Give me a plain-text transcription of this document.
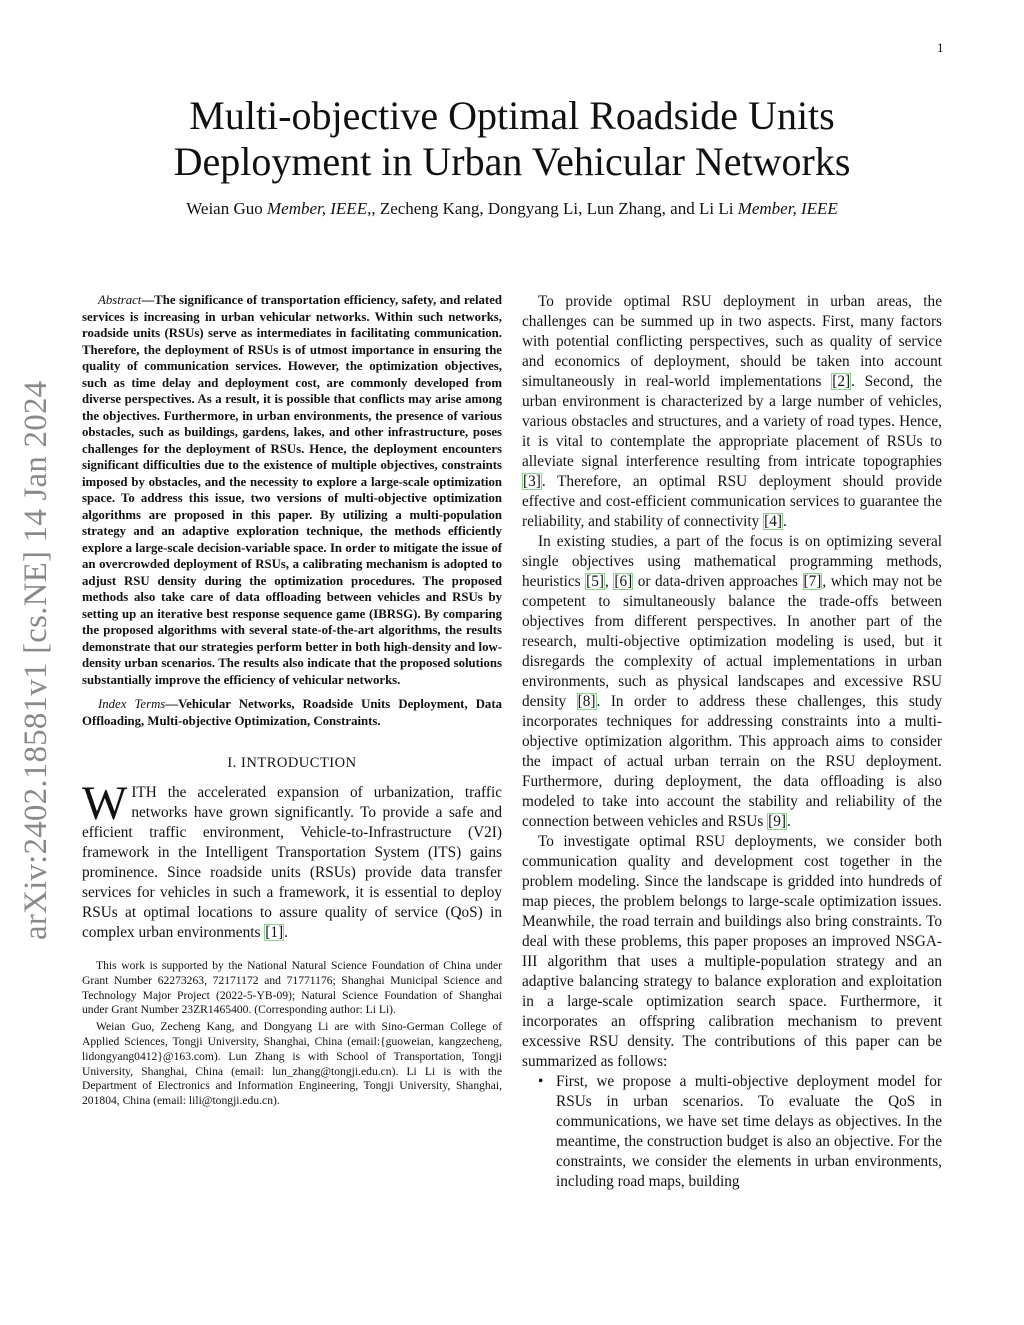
1
arXiv:2402.18581v1 [cs.NE] 14 Jan 2024
Multi-objective Optimal Roadside Units
Deployment in Urban Vehicular Networks
Weian Guo Member, IEEE,, Zecheng Kang, Dongyang Li, Lun Zhang, and Li Li Member, IEEE

Abstract—The significance of transportation efficiency, safety, and related services is increasing in urban vehicular networks. Within such networks, roadside units (RSUs) serve as intermediates in facilitating communication. Therefore, the deployment of RSUs is of utmost importance in ensuring the quality of communication services. However, the optimization objectives, such as time delay and deployment cost, are commonly developed from diverse perspectives. As a result, it is possible that conflicts may arise among the objectives. Furthermore, in urban environments, the presence of various obstacles, such as buildings, gardens, lakes, and other infrastructure, poses challenges for the deployment of RSUs. Hence, the deployment encounters significant difficulties due to the existence of multiple objectives, constraints imposed by obstacles, and the necessity to explore a large-scale optimization space. To address this issue, two versions of multi-objective optimization algorithms are proposed in this paper. By utilizing a multi-population strategy and an adaptive exploration technique, the methods efficiently explore a large-scale decision-variable space. In order to mitigate the issue of an overcrowded deployment of RSUs, a calibrating mechanism is adopted to adjust RSU density during the optimization procedures. The proposed methods also take care of data offloading between vehicles and RSUs by setting up an iterative best response sequence game (IBRSG). By comparing the proposed algorithms with several state-of-the-art algorithms, the results demonstrate that our strategies perform better in both high-density and low-density urban scenarios. The results also indicate that the proposed solutions substantially improve the efficiency of vehicular networks.

Index Terms—Vehicular Networks, Roadside Units Deployment, Data Offloading, Multi-objective Optimization, Constraints.

I. INTRODUCTION

WITH the accelerated expansion of urbanization, traffic networks have grown significantly. To provide a safe and efficient traffic environment, Vehicle-to-Infrastructure (V2I) framework in the Intelligent Transportation System (ITS) gains prominence. Since roadside units (RSUs) provide data transfer services for vehicles in such a framework, it is essential to deploy RSUs at optimal locations to assure quality of service (QoS) in complex urban environments [1].

This work is supported by the National Natural Science Foundation of China under Grant Number 62273263, 72171172 and 71771176; Shanghai Municipal Science and Technology Major Project (2022-5-YB-09); Natural Science Foundation of Shanghai under Grant Number 23ZR1465400. (Corresponding author: Li Li).

Weian Guo, Zecheng Kang, and Dongyang Li are with Sino-German College of Applied Sciences, Tongji University, Shanghai, China (email:{guoweian, kangzecheng, lidongyang0412}@163.com). Lun Zhang is with School of Transportation, Tongji University, Shanghai, China (email: lun_zhang@tongji.edu.cn). Li Li is with the Department of Electronics and Information Engineering, Tongji University, Shanghai, 201804, China (email: lili@tongji.edu.cn).

To provide optimal RSU deployment in urban areas, the challenges can be summed up in two aspects. First, many factors with potential conflicting perspectives, such as quality of service and economics of deployment, should be taken into account simultaneously in real-world implementations [2]. Second, the urban environment is characterized by a large number of vehicles, various obstacles and structures, and a variety of road types. Hence, it is vital to contemplate the appropriate placement of RSUs to alleviate signal interference resulting from intricate topographies [3]. Therefore, an optimal RSU deployment should provide effective and cost-efficient communication services to guarantee the reliability, and stability of connectivity [4].

In existing studies, a part of the focus is on optimizing several single objectives using mathematical programming methods, heuristics [5], [6] or data-driven approaches [7], which may not be competent to simultaneously balance the trade-offs between objectives from different perspectives. In another part of the research, multi-objective optimization modeling is used, but it disregards the complexity of actual implementations in urban environments, such as physical landscapes and excessive RSU density [8]. In order to address these challenges, this study incorporates techniques for addressing constraints into a multi-objective optimization algorithm. This approach aims to consider the impact of actual urban terrain on the RSU deployment. Furthermore, during deployment, the data offloading is also modeled to take into account the stability and reliability of the connection between vehicles and RSUs [9].

To investigate optimal RSU deployments, we consider both communication quality and development cost together in the problem modeling. Since the landscape is gridded into hundreds of map pieces, the problem belongs to large-scale optimization issues. Meanwhile, the road terrain and buildings also bring constraints. To deal with these problems, this paper proposes an improved NSGA-III algorithm that uses a multiple-population strategy and an adaptive balancing strategy to balance exploration and exploitation in a large-scale optimization search space. Furthermore, it incorporates an offspring calibration mechanism to prevent excessive RSU density. The contributions of this paper can be summarized as follows:

• First, we propose a multi-objective deployment model for RSUs in urban scenarios. To evaluate the QoS in communications, we have set time delays as objectives. In the meantime, the construction budget is also an objective. For the constraints, we consider the elements in urban environments, including road maps, building
